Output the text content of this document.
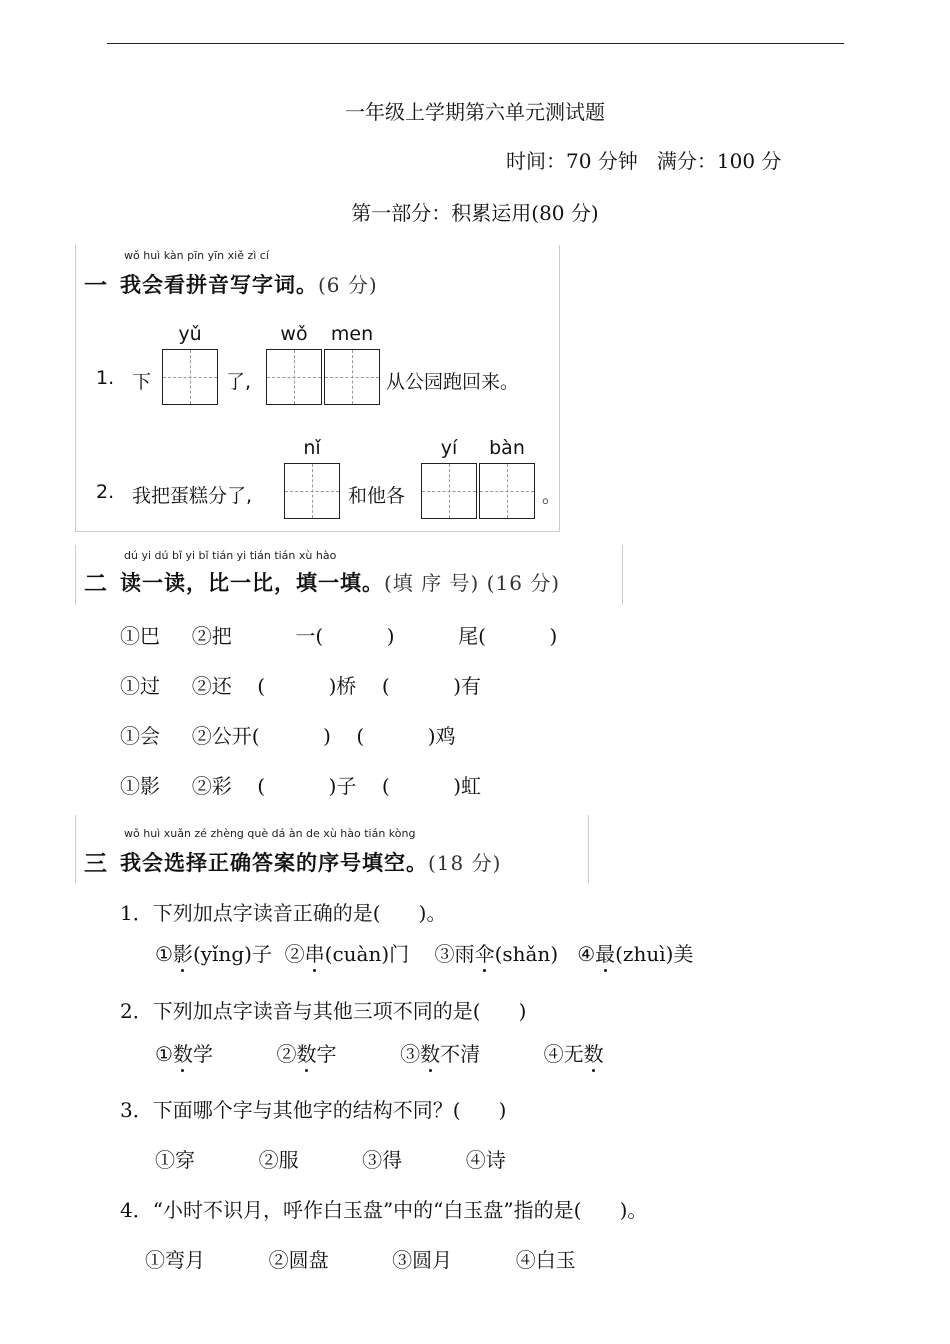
一年级上学期第六单元测试题
时间：70 分钟   满分：100 分
第一部分：积累运用(80 分)
wǒ huì kàn pīn yīn xiě zì cí
一 我会看拼音写字词。(6 分)
1. 下
yǔ
了,
wǒ	men
从公园跑回来。
2. 我把蛋糕分了,
nǐ
和他各
yí	bàn
。
dú yi dú bǐ yi bǐ tián yi tián tián xù hào
二 读一读，比一比，填一填。(填 序 号) (16 分)
①巴     ②把          一(          )          尾(          )
①过     ②还    (          )桥    (          )有
①会     ②公开(          )    (          )鸡
①影     ②彩    (          )子    (          )虹
wǒ huì xuǎn zé zhèng què dá àn de xù hào tián kòng
三 我会选择正确答案的序号填空。(18 分)
1．下列加点字读音正确的是(      )。
①影(yǐng)子  ②串(cuàn)门    ③雨伞(shǎn)   ④最(zhuì)美
2．下列加点字读音与其他三项不同的是(      )
①数学          ②数字          ③数不清          ④无数
3．下面哪个字与其他字的结构不同？(      )
①穿          ②服          ③得          ④诗
4．“小时不识月，呼作白玉盘”中的“白玉盘”指的是(      )。
①弯月          ②圆盘          ③圆月          ④白玉
